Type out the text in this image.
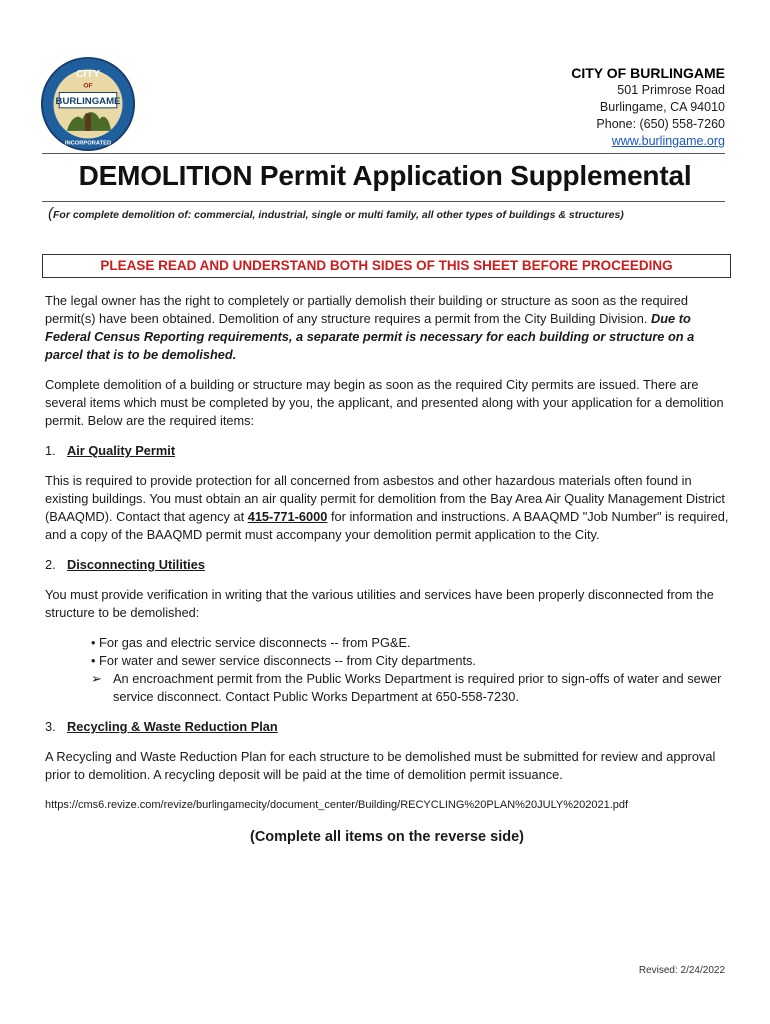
CITY
OF
BURLINGAME
INCORPORATED
CITY OF BURLINGAME
501 Primrose Road
Burlingame, CA 94010
Phone: (650) 558-7260
www.burlingame.org
DEMOLITION Permit Application Supplemental
(For complete demolition of: commercial, industrial, single or multi family, all other types of buildings & structures)
PLEASE READ AND UNDERSTAND BOTH SIDES OF THIS SHEET BEFORE PROCEEDING

The legal owner has the right to completely or partially demolish their building or structure as soon as the required permit(s) have been obtained. Demolition of any structure requires a permit from the City Building Division. Due to Federal Census Reporting requirements, a separate permit is necessary for each building or structure on a parcel that is to be demolished.

Complete demolition of a building or structure may begin as soon as the required City permits are issued. There are several items which must be completed by you, the applicant, and presented along with your application for a demolition permit. Below are the required items:

1. Air Quality Permit

This is required to provide protection for all concerned from asbestos and other hazardous materials often found in existing buildings. You must obtain an air quality permit for demolition from the Bay Area Air Quality Management District (BAAQMD). Contact that agency at 415-771-6000 for information and instructions. A BAAQMD "Job Number" is required, and a copy of the BAAQMD permit must accompany your demolition permit application to the City.

2. Disconnecting Utilities

You must provide verification in writing that the various utilities and services have been properly disconnected from the structure to be demolished:

• For gas and electric service disconnects -- from PG&E.
• For water and sewer service disconnects -- from City departments.

➢ An encroachment permit from the Public Works Department is required prior to sign-offs of water and sewer service disconnect. Contact Public Works Department at 650-558-7230.

3. Recycling & Waste Reduction Plan

A Recycling and Waste Reduction Plan for each structure to be demolished must be submitted for review and approval prior to demolition. A recycling deposit will be paid at the time of demolition permit issuance.

https://cms6.revize.com/revize/burlingamecity/document_center/Building/RECYCLING%20PLAN%20JULY%202021.pdf

(Complete all items on the reverse side)

Revised: 2/24/2022
